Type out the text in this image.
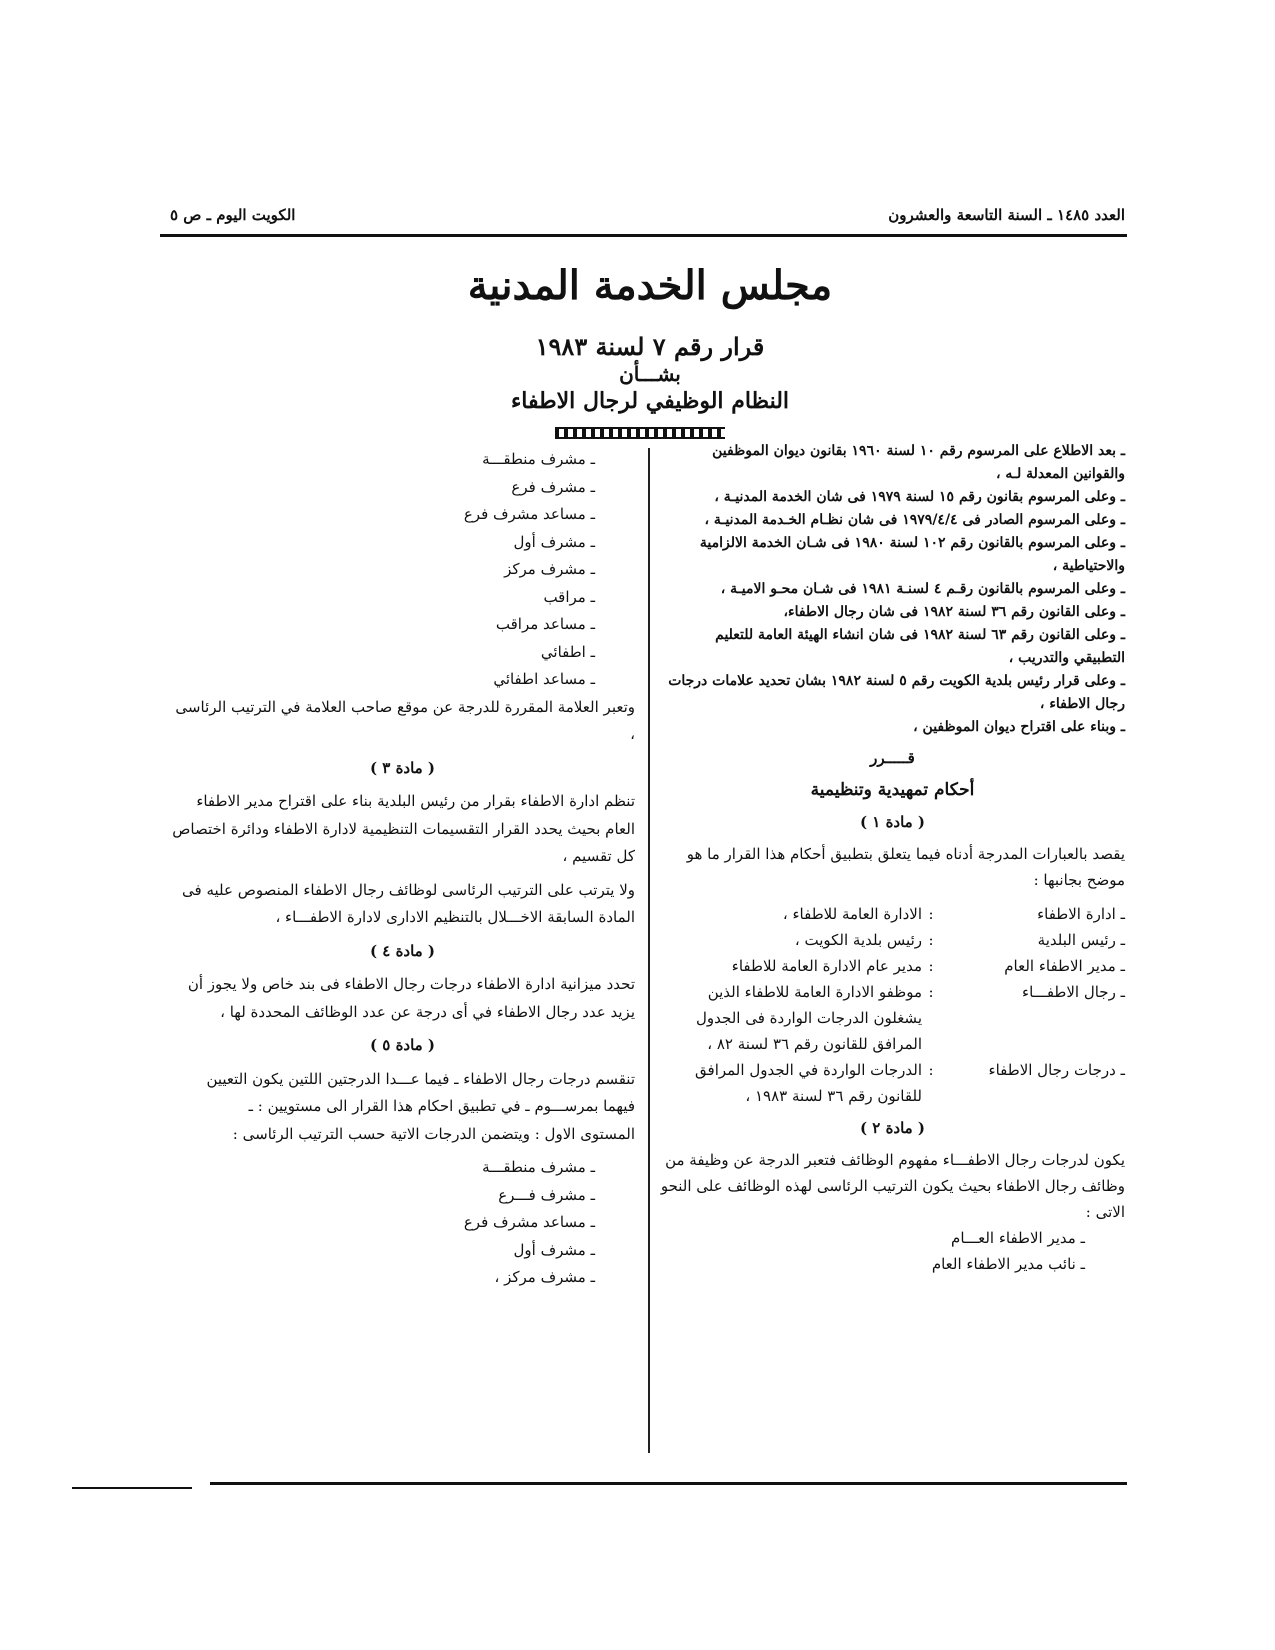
العدد ١٤٨٥ ـ السنة التاسعة والعشرون
الكويت اليوم ـ ص ٥
مجلس الخدمة المدنية
قرار رقم ٧ لسنة ١٩٨٣
بشـــأن
النظام الوظيفي لرجال الاطفاء

ـ بعد الاطلاع على المرسوم رقم ١٠ لسنة ١٩٦٠ بقانون ديوان الموظفين والقوانين المعدلة لـه ،

ـ وعلى المرسوم بقانون رقم ١٥ لسنة ١٩٧٩ فى شان الخدمة المدنيـة ،

ـ وعلى المرسوم الصادر فى ١٩٧٩/٤/٤ فى شان نظـام الخـدمة المدنيـة ،

ـ وعلى المرسوم بالقانون رقم ١٠٢ لسنة ١٩٨٠ فى شـان الخدمة الالزامية والاحتياطية ،

ـ وعلى المرسوم بالقانون رقـم ٤ لسنـة ١٩٨١ فى شـان محـو الاميـة ،

ـ وعلى القانون رقم ٣٦ لسنة ١٩٨٢ فى شان رجال الاطفاء،

ـ وعلى القانون رقم ٦٣ لسنة ١٩٨٢ فى شان انشاء الهيئة العامة للتعليم التطبيقي والتدريب ،

ـ وعلى قرار رئيس بلدية الكويت رقم ٥ لسنة ١٩٨٢ بشان تحديد علامات درجات رجال الاطفاء ،

ـ وبناء على اقتراح ديوان الموظفين ،

قـــــرر

أحكام تمهيدية وتنظيمية

( مادة ١ )

يقصد بالعبارات المدرجة أدناه فيما يتعلق بتطبيق أحكام هذا القرار ما هو موضح بجانبها :

ـ ادارة الاطفاء
:
الادارة العامة للاطفاء ،
ـ رئيس البلدية
:
رئيس بلدية الكويت ،
ـ مدير الاطفاء العام
:
مدير عام الادارة العامة للاطفاء
ـ رجال الاطفـــاء
:
موظفو الادارة العامة للاطفاء الذين يشغلون الدرجات الواردة فى الجدول المرافق للقانون رقم ٣٦ لسنة ٨٢ ،
ـ درجات رجال الاطفاء
:
الدرجات الواردة في الجدول المرافق للقانون رقم ٣٦ لسنة ١٩٨٣ ،

( مادة ٢ )

يكون لدرجات رجال الاطفـــاء مفهوم الوظائف فتعبر الدرجة عن وظيفة من وظائف رجال الاطفاء بحيث يكون الترتيب الرئاسى لهذه الوظائف على النحو الاتى :

ـ مدير الاطفاء العـــام

ـ نائب مدير الاطفاء العام

ـ مشرف منطقـــة

ـ مشرف فرع

ـ مساعد مشرف فرع

ـ مشرف أول

ـ مشرف مركز

ـ مراقب

ـ مساعد مراقب

ـ اطفائي

ـ مساعد اطفائي

وتعبر العلامة المقررة للدرجة عن موقع صاحب العلامة في الترتيب الرئاسى ،

( مادة ٣ )

تنظم ادارة الاطفاء بقرار من رئيس البلدية بناء على اقتراح مدير الاطفاء العام بحيث يحدد القرار التقسيمات التنظيمية لادارة الاطفاء ودائرة اختصاص كل تقسيم ،

ولا يترتب على الترتيب الرئاسى لوظائف رجال الاطفاء المنصوص عليه فى المادة السابقة الاخـــلال بالتنظيم الادارى لادارة الاطفـــاء ،

( مادة ٤ )

تحدد ميزانية ادارة الاطفاء درجات رجال الاطفاء فى بند خاص ولا يجوز أن يزيد عدد رجال الاطفاء في أى درجة عن عدد الوظائف المحددة لها ،

( مادة ٥ )

تنقسم درجات رجال الاطفاء ـ فيما عـــدا الدرجتين اللتين يكون التعيين فيهما بمرســـوم ـ في تطبيق احكام هذا القرار الى مستويين : ـ

المستوى الاول : ويتضمن الدرجات الاتية حسب الترتيب الرئاسى :

ـ مشرف منطقـــة

ـ مشرف فـــرع

ـ مساعد مشرف فرع

ـ مشرف أول

ـ مشرف مركز ،
